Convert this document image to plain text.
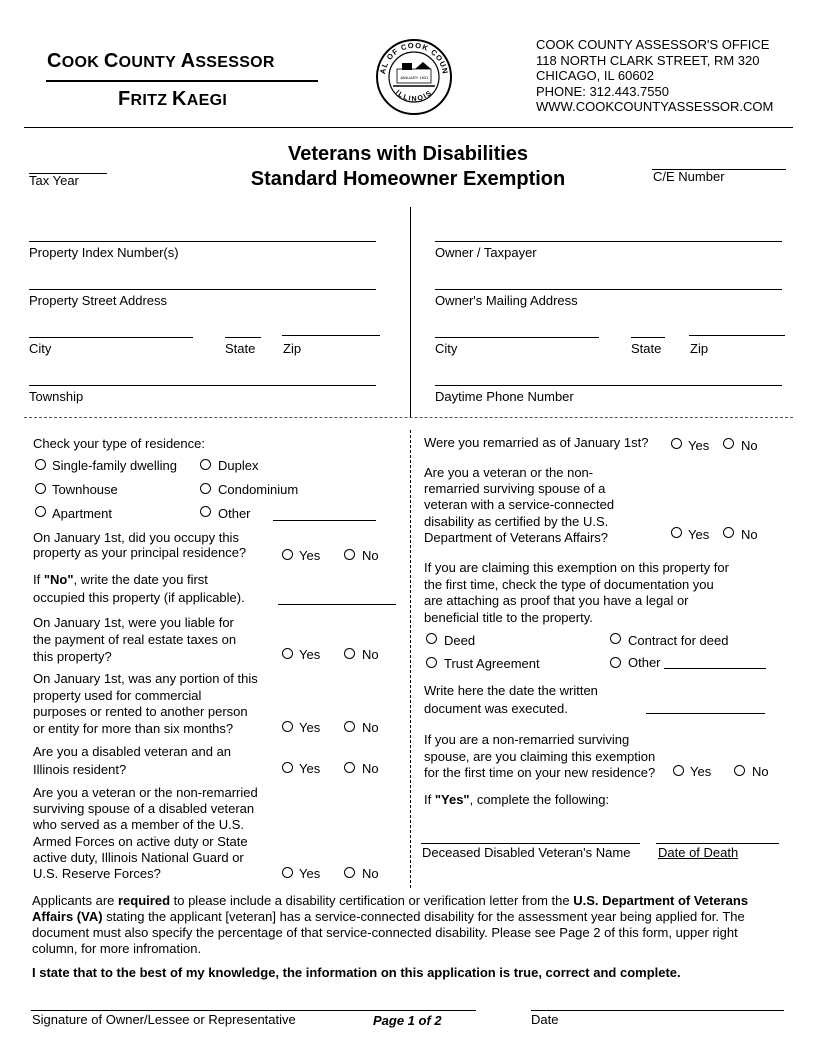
COOK COUNTY ASSESSOR
FRITZ KAEGI
AL OF COOK COUN
ILLINOIS
JANUARY 1831
COOK COUNTY ASSESSOR'S OFFICE
118 NORTH CLARK STREET, RM 320
CHICAGO, IL 60602
PHONE: 312.443.7550
WWW.COOKCOUNTYASSESSOR.COM
Tax Year
Veterans with Disabilities
Standard Homeowner Exemption	C/E Number
Property Index Number(s)
Property Street Address
City	State Zip
Township
Owner / Taxpayer
Owner's Mailing Address
City	State Zip
Daytime Phone Number
Check your type of residence:
Single-family dwelling	Duplex
Townhouse	Condominium
Apartment	Other
On January 1st, did you occupy this
property as your principal residence?	Yes	No
If "No", write the date you first
occupied this property (if applicable).
On January 1st, were you liable for
the payment of real estate taxes on
this property?	Yes	No
On January 1st, was any portion of this
property used for commercial
purposes or rented to another person
or entity for more than six months?	Yes	No
Are you a disabled veteran and an
Illinois resident?	Yes	No
Are you a veteran or the non-remarried
surviving spouse of a disabled veteran
who served as a member of the U.S.
Armed Forces on active duty or State
active duty, Illinois National Guard or
U.S. Reserve Forces?	Yes	No
Were you remarried as of January 1st?	Yes No
Are you a veteran or the non-
remarried surviving spouse of a
veteran with a service-connected
disability as certified by the U.S.
Department of Veterans Affairs?	Yes No
If you are claiming this exemption on this property for
the first time, check the type of documentation you
are attaching as proof that you have a legal or
beneficial title to the property.
Deed	Contract for deed
Trust Agreement	Other
Write here the date the written
document was executed.
If you are a non-remarried surviving
spouse, are you claiming this exemption
for the first time on your new residence?	Yes	No
If "Yes", complete the following:
Deceased Disabled Veteran's Name Date of Death
Applicants are required to please include a disability certification or verification letter from the U.S. Department of Veterans Affairs (VA) stating the applicant [veteran] has a service-connected disability for the assessment year being applied for. The document must also specify the percentage of that service-connected disability. Please see Page 2 of this form, upper right column, for more infromation.
I state that to the best of my knowledge, the information on this application is true, correct and complete.
Signature of Owner/Lessee or Representative	Page 1 of 2	Date
